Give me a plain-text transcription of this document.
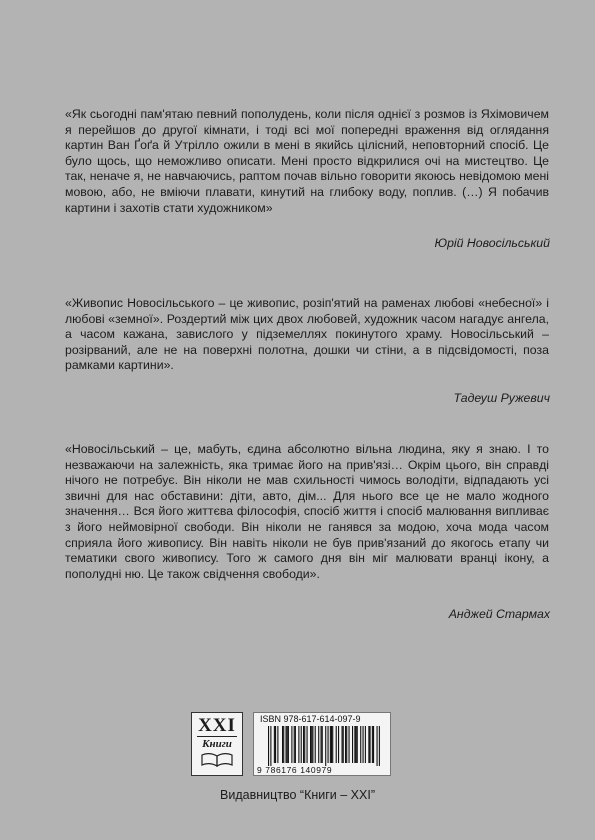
«Як сьогодні пам'ятаю певний пополудень, коли після однієї з розмов із Яхімовичем я перейшов до другої кімнати, і тоді всі мої попередні враження від оглядання картин Ван Ґоґа й Утрілло ожили в мені в якийсь цілісний, неповторний спосіб. Це було щось, що неможливо описати. Мені просто відкрилися очі на мистецтво. Це так, неначе я, не навчаючись, раптом почав вільно говорити якоюсь невідомою мені мовою, або, не вміючи плавати, кинутий на глибоку воду, поплив. (…) Я побачив картини і захотів стати художником»

Юрій Новосільський

«Живопис Новосільського – це живопис, розіп'ятий на раменах любові «небесної» і любові «земної». Роздертий між цих двох любовей, художник часом нагадує ангела, а часом кажана, завислого у підземеллях покинутого храму. Новосільський – розірваний, але не на поверхні полотна, дошки чи стіни, а в підсвідомості, поза рамками картини».

Тадеуш Ружевич

«Новосільський – це, мабуть, єдина абсолютно вільна людина, яку я знаю. І то незважаючи на залежність, яка тримає його на прив'язі… Окрім цього, він справді нічого не потребує. Він ніколи не мав схильності чимось володіти, відпадають усі звичні для нас обставини: діти, авто, дім... Для нього все це не мало жодного значення… Вся його життєва філософія, спосіб життя і спосіб малювання випливає з його неймовірної свободи. Він ніколи не ганявся за модою, хоча мода часом сприяла його живопису. Він навіть ніколи не був прив'язаний до якогось етапу чи тематики свого живопису. Того ж самого дня він міг малювати вранці ікону, а пополудні ню. Це також свідчення свободи».

Анджей Стармах

XXI
Книги
ISBN 978-617-614-097-9
9 786176 140979
Видавництво “Книги – XXI”
